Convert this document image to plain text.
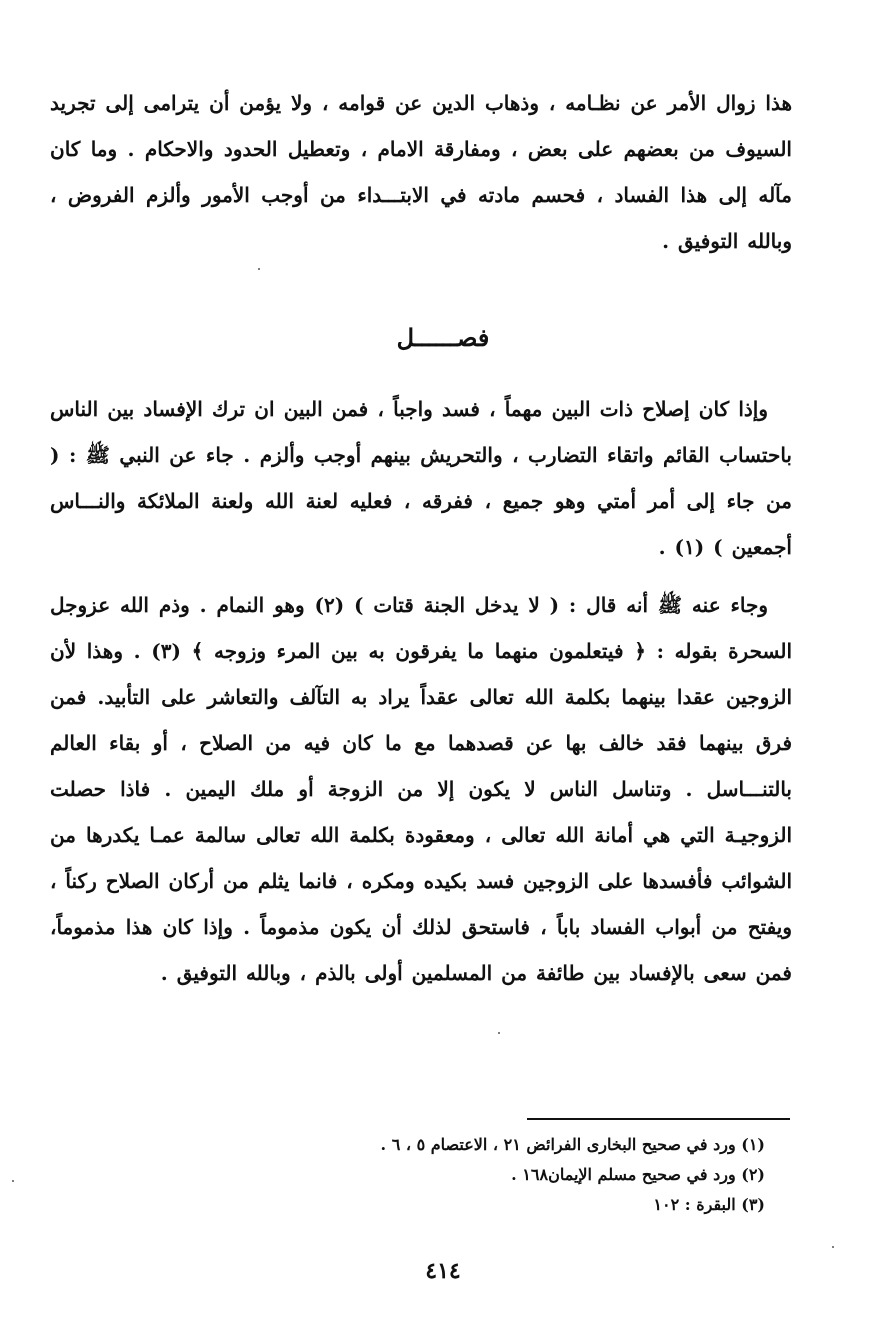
هذا زوال الأمر عن نظـامه ، وذهاب الدين عن قوامه ، ولا يؤمن أن يترامى إلى تجريد السيوف من بعضهم على بعض ، ومفارقة الامام ، وتعطيل الحدود والاحكام . وما كان مآله إلى هذا الفساد ، فحسم مادته في الابتـــداء من أوجب الأمور وألزم الفروض ، وبالله التوفيق .
فصــــــل
وإذا كان إصلاح ذات البين مهماً ، فسد واجباً ، فمن البين ان ترك الإفساد بين الناس باحتساب القائم واتقاء التضارب ، والتحريش بينهم أوجب وألزم . جاء عن النبي ﷺ : ( من جاء إلى أمر أمتي وهو جميع ، ففرقه ، فعليه لعنة الله ولعنة الملائكة والنـــاس أجمعين ) (١) .
وجاء عنه ﷺ أنه قال : ( لا يدخل الجنة قتات ) (٢) وهو النمام . وذم الله عزوجل السحرة بقوله : ﴿ فيتعلمون منهما ما يفرقون به بين المرء وزوجه ﴾ (٣) . وهذا لأن الزوجين عقدا بينهما بكلمة الله تعالى عقداً يراد به التآلف والتعاشر على التأبيد. فمن فرق بينهما فقد خالف بها عن قصدهما مع ما كان فيه من الصلاح ، أو بقاء العالم بالتنـــاسل . وتناسل الناس لا يكون إلا من الزوجة أو ملك اليمين . فاذا حصلت الزوجيـة التي هي أمانة الله تعالى ، ومعقودة بكلمة الله تعالى سالمة عمـا يكدرها من الشوائب فأفسدها على الزوجين فسد بكيده ومكره ، فانما يثلم من أركان الصلاح ركناً ، ويفتح من أبواب الفساد باباً ، فاستحق لذلك أن يكون مذموماً . وإذا كان هذا مذموماً، فمن سعى بالإفساد بين طائفة من المسلمين أولى بالذم ، وبالله التوفيق .
(١) ورد في صحيح البخارى الفرائض ٢١ ، الاعتصام ٥ ، ٦ .
(٢) ورد في صحيح مسلم الإيمان١٦٨ .
(٣) البقرة : ١٠٢
٤١٤
